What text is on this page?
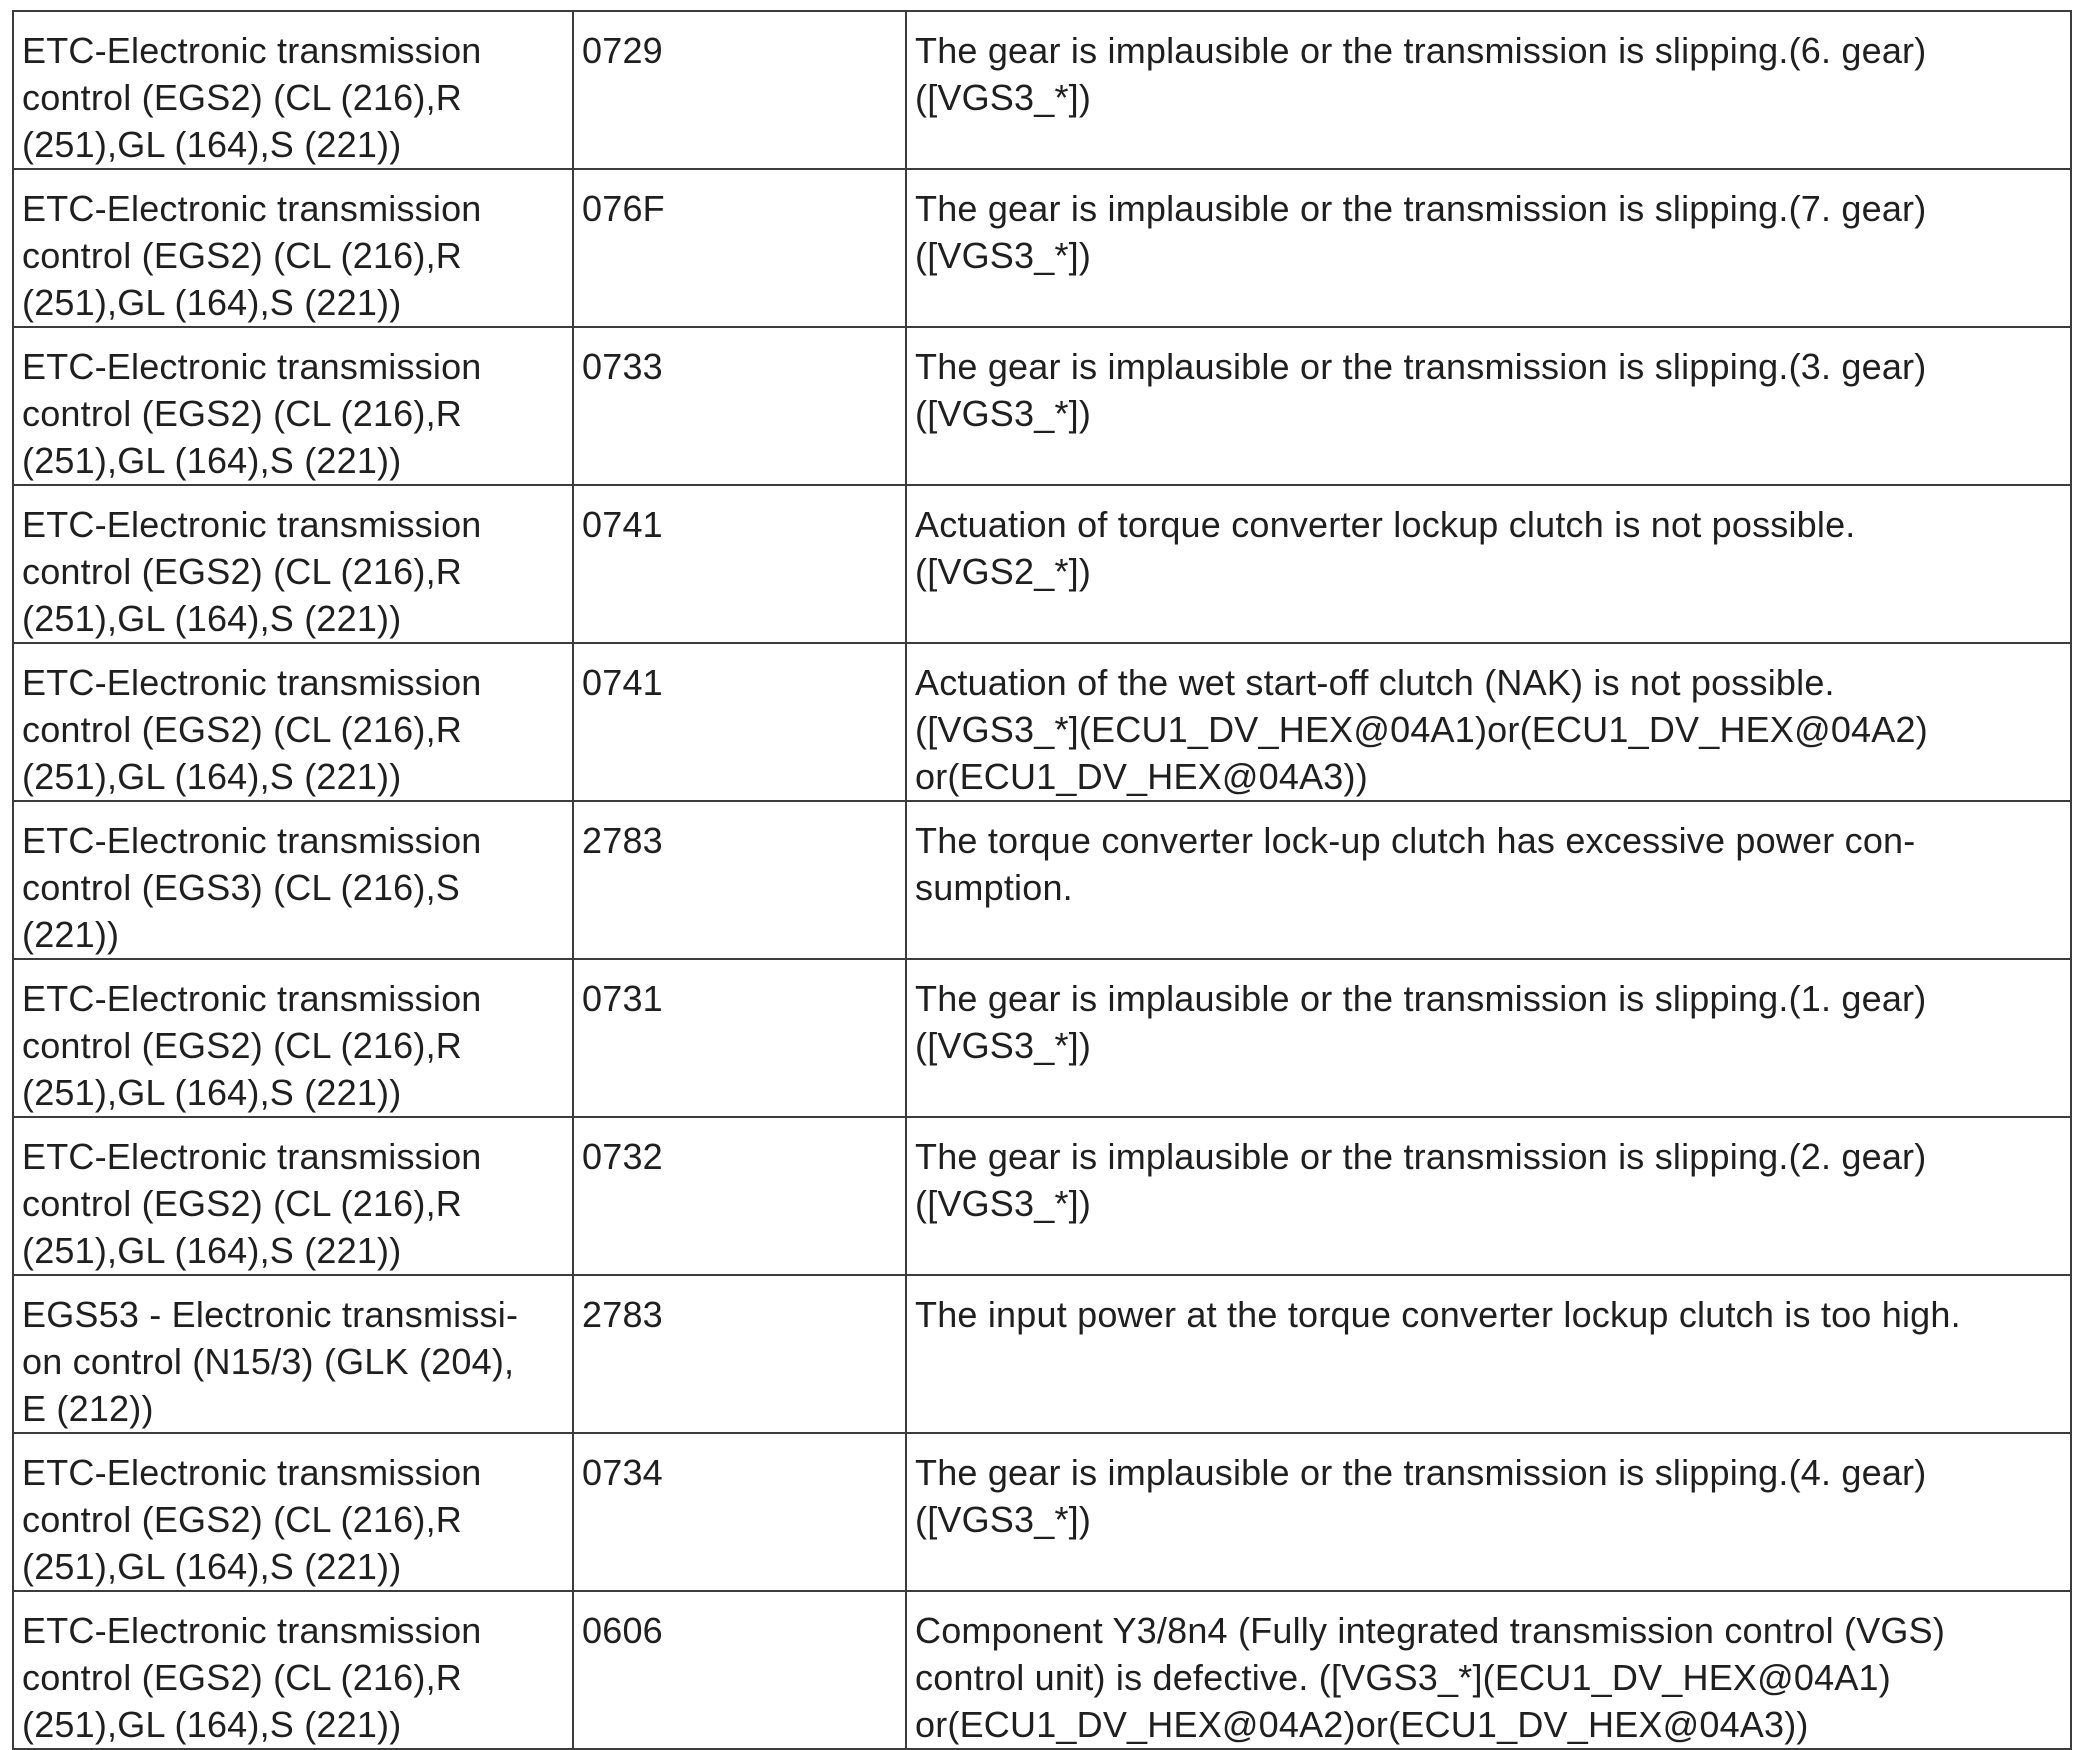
ETC-Electronic transmission
control (EGS2) (CL (216),R
(251),GL (164),S (221))	0729	The gear is implausible or the transmission is slipping.(6. gear)
([VGS3_*])

ETC-Electronic transmission
control (EGS2) (CL (216),R
(251),GL (164),S (221))	076F	The gear is implausible or the transmission is slipping.(7. gear)
([VGS3_*])

ETC-Electronic transmission
control (EGS2) (CL (216),R
(251),GL (164),S (221))	0733	The gear is implausible or the transmission is slipping.(3. gear)
([VGS3_*])

ETC-Electronic transmission
control (EGS2) (CL (216),R
(251),GL (164),S (221))	0741	Actuation of torque converter lockup clutch is not possible.
([VGS2_*])

ETC-Electronic transmission
control (EGS2) (CL (216),R
(251),GL (164),S (221))	0741	Actuation of the wet start-off clutch (NAK) is not possible.
([VGS3_*](ECU1_DV_HEX@04A1)or(ECU1_DV_HEX@04A2)
or(ECU1_DV_HEX@04A3))

ETC-Electronic transmission
control (EGS3) (CL (216),S
(221))	2783	The torque converter lock-up clutch has excessive power con-
sumption.

ETC-Electronic transmission
control (EGS2) (CL (216),R
(251),GL (164),S (221))	0731	The gear is implausible or the transmission is slipping.(1. gear)
([VGS3_*])

ETC-Electronic transmission
control (EGS2) (CL (216),R
(251),GL (164),S (221))	0732	The gear is implausible or the transmission is slipping.(2. gear)
([VGS3_*])

EGS53 - Electronic transmissi-
on control (N15/3) (GLK (204),
E (212))	2783	The input power at the torque converter lockup clutch is too high.

ETC-Electronic transmission
control (EGS2) (CL (216),R
(251),GL (164),S (221))	0734	The gear is implausible or the transmission is slipping.(4. gear)
([VGS3_*])

ETC-Electronic transmission
control (EGS2) (CL (216),R
(251),GL (164),S (221))	0606	Component Y3/8n4 (Fully integrated transmission control (VGS)
control unit) is defective. ([VGS3_*](ECU1_DV_HEX@04A1)
or(ECU1_DV_HEX@04A2)or(ECU1_DV_HEX@04A3))
